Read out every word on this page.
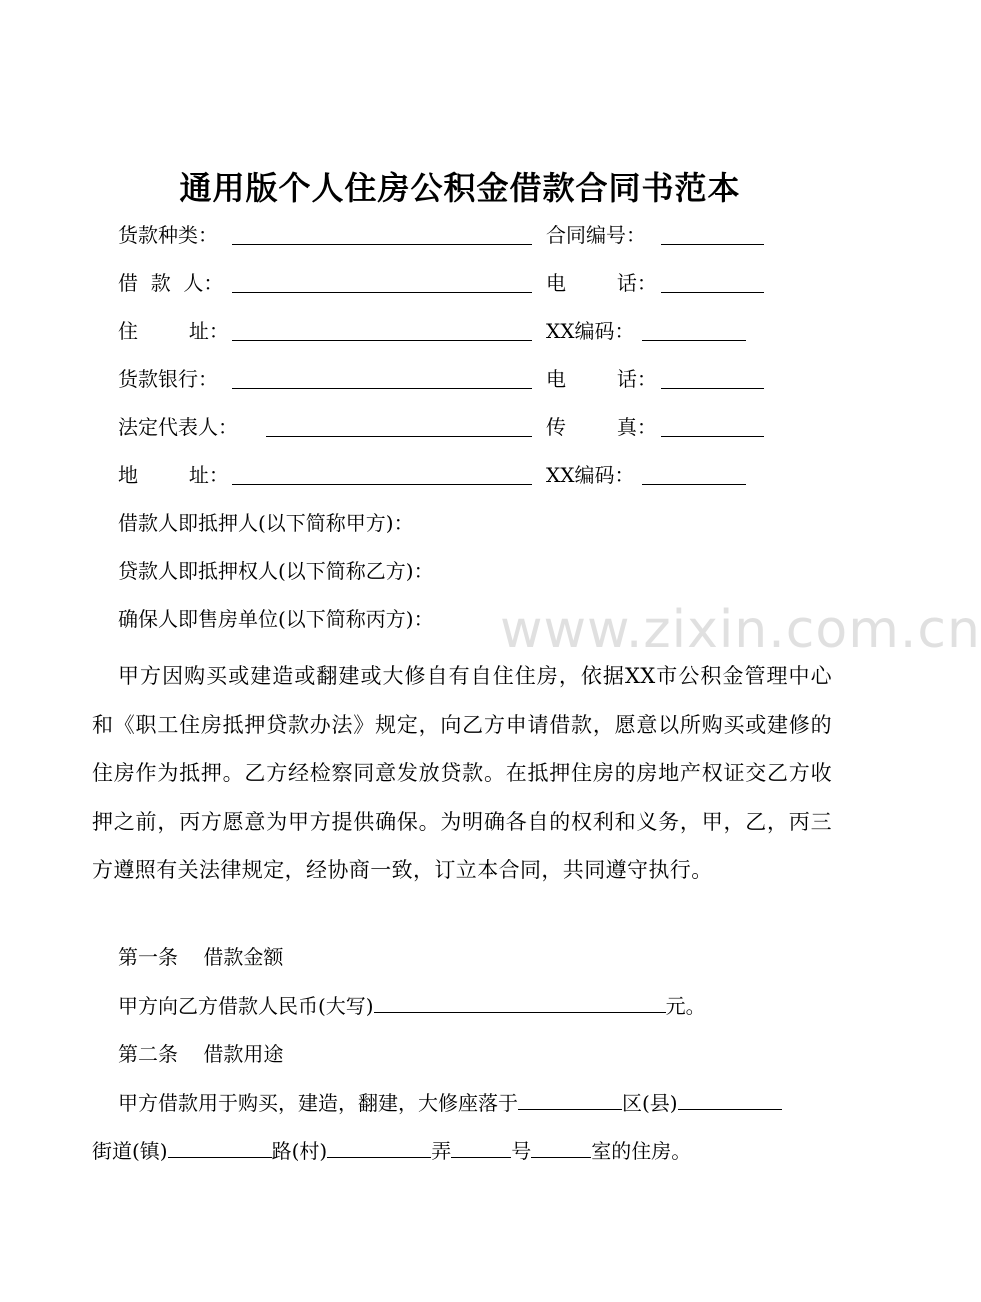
www.zixin.com.cn
通用版个人住房公积金借款合同书范本
货款种类：	合同编号：
借  款  人：	电        话：
住        址：	XX编码：
货款银行：	电        话：
法定代表人：	传        真：
地        址：	XX编码：
借款人即抵押人(以下简称甲方)：
贷款人即抵押权人(以下简称乙方)：
确保人即售房单位(以下简称丙方)：
甲方因购买或建造或翻建或大修自有自住住房，依据XX市公积金管理中心和《职工住房抵押贷款办法》规定，向乙方申请借款，愿意以所购买或建修的住房作为抵押。乙方经检察同意发放贷款。在抵押住房的房地产权证交乙方收押之前，丙方愿意为甲方提供确保。为明确各自的权利和义务，甲，乙，丙三方遵照有关法律规定，经协商一致，订立本合同，共同遵守执行。
第一条    借款金额
甲方向乙方借款人民币(大写)	元。
第二条    借款用途
甲方借款用于购买，建造，翻建，大修座落于	区(县)
街道(镇)	路(村)	弄	号	室的住房。
